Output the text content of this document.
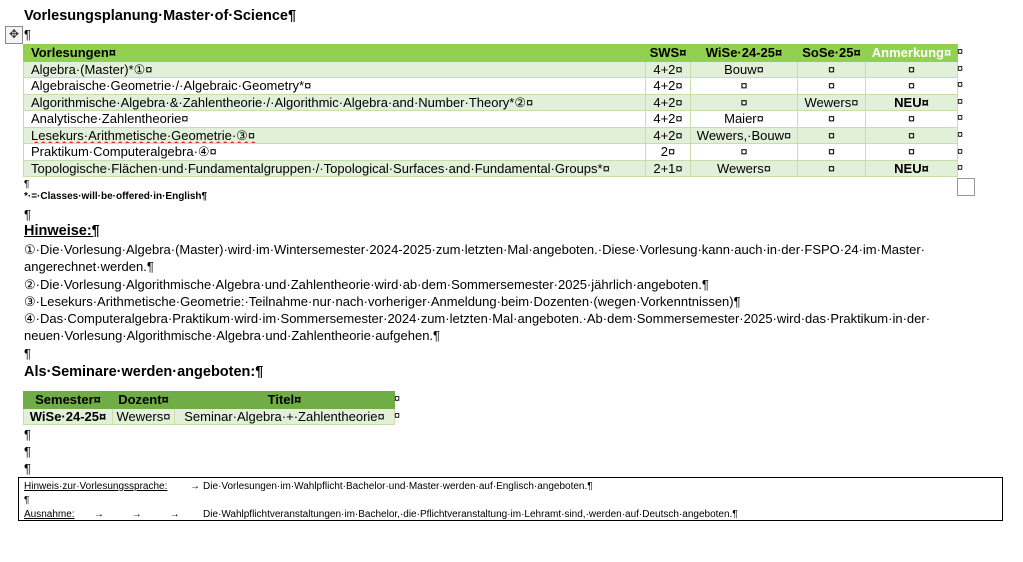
Vorlesungsplanung·Master·of·Science¶
✥ ¶
Vorlesungen¤	SWS¤	WiSe·24-25¤	SoSe·25¤	Anmerkung¤
Algebra·(Master)*①¤	4+2¤	Bouw¤	¤	¤
Algebraische·Geometrie·/·Algebraic·Geometry*¤	4+2¤	¤	¤	¤
Algorithmische·Algebra·&·Zahlentheorie·/·Algorithmic·Algebra·and·Number·Theory*②¤	4+2¤	¤	Wewers¤	NEU¤
Analytische·Zahlentheorie¤	4+2¤	Maier¤	¤	¤
Lesekurs·Arithmetische·Geometrie·③¤	4+2¤	Wewers,·Bouw¤	¤	¤
Praktikum·Computeralgebra·④¤	2¤	¤	¤	¤
Topologische·Flächen·und·Fundamentalgruppen·/·Topological·Surfaces·and·Fundamental·Groups*¤	2+1¤	Wewers¤	¤	NEU¤
¤
¤
¤
¤
¤
¤
¤
¤
¶
*·=·Classes·will·be·offered·in·English¶
¶
Hinweise:¶
①·Die·Vorlesung·Algebra·(Master)·wird·im·Wintersemester·2024-2025·zum·letzten·Mal·angeboten.·Diese·Vorlesung·kann·auch·in·der·FSPO·24·im·Master·
angerechnet·werden.¶
②·Die·Vorlesung·Algorithmische·Algebra·und·Zahlentheorie·wird·ab·dem·Sommersemester·2025·jährlich·angeboten.¶
③·Lesekurs·Arithmetische·Geometrie:·Teilnahme·nur·nach·vorheriger·Anmeldung·beim·Dozenten·(wegen·Vorkenntnissen)¶
④·Das·Computeralgebra·Praktikum·wird·im·Sommersemester·2024·zum·letzten·Mal·angeboten.·Ab·dem·Sommersemester·2025·wird·das·Praktikum·in·der·
neuen·Vorlesung·Algorithmische·Algebra·und·Zahlentheorie·aufgehen.¶
¶
Als·Seminare·werden·angeboten:¶
Semester¤	Dozent¤	Titel¤
WiSe·24-25¤	Wewers¤	Seminar·Algebra·+·Zahlentheorie¤
¤
¤
¶
¶
¶
Hinweis·zur·Vorlesungssprache: → Die·Vorlesungen·im·Wahlpflicht·Bachelor·und·Master·werden·auf·Englisch·angeboten.¶
¶
Ausnahme: →          →          → Die·Wahlpflichtveranstaltungen·im·Bachelor,·die·Pflichtveranstaltung·im·Lehramt·sind,·werden·auf·Deutsch·angeboten.¶
